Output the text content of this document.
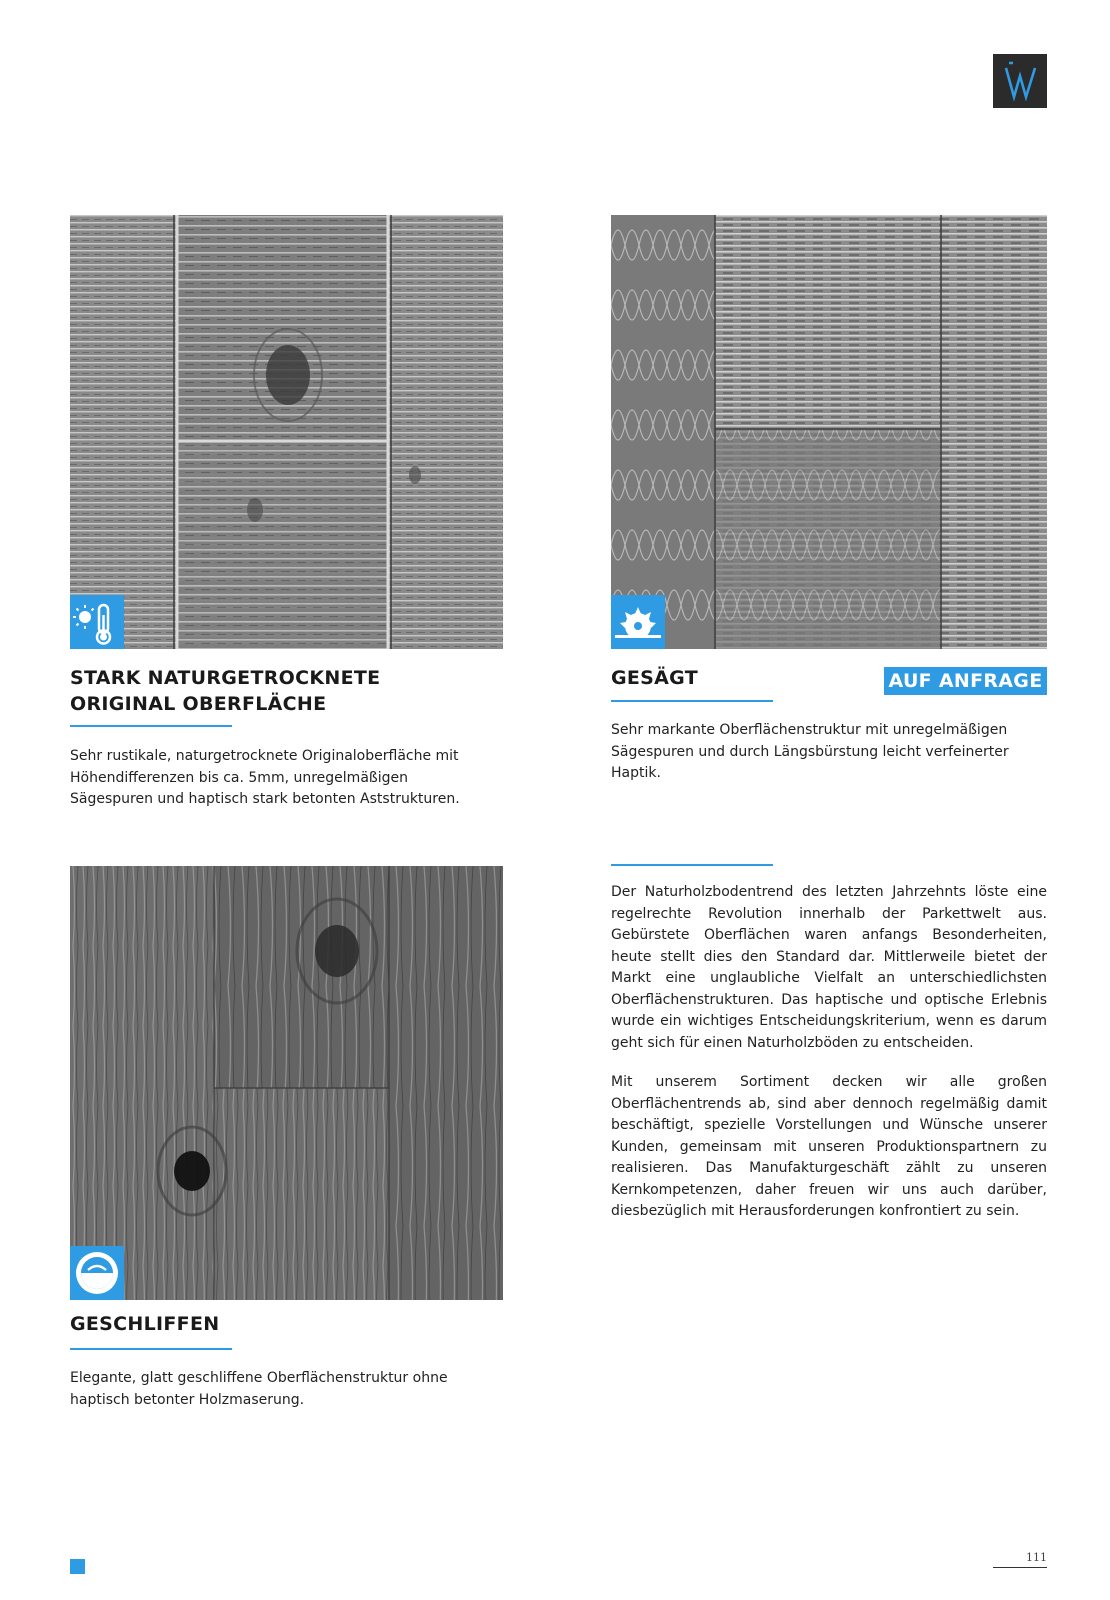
STARK NATURGETROCKNETE
ORIGINAL OBERFLÄCHE
Sehr rustikale, naturgetrocknete Originaloberfläche mit
Höhendifferenzen bis ca. 5mm, unregelmäßigen
Sägespuren und haptisch stark betonten Aststrukturen.
GESÄGT	AUF ANFRAGE
Sehr markante Oberflächenstruktur mit unregelmäßigen
Sägespuren und durch Längsbürstung leicht verfeinerter
Haptik.
Der Naturholzbodentrend des letzten Jahrzehnts löste eine regelrechte Revolution innerhalb der Parkettwelt aus. Gebürstete Oberflächen waren anfangs Besonderheiten, heute stellt dies den Standard dar. Mittlerweile bietet der Markt eine unglaubliche Vielfalt an unterschiedlichsten Oberflächenstrukturen. Das haptische und optische Erlebnis wurde ein wichtiges Entscheidungskriterium, wenn es darum geht sich für einen Naturholzböden zu entscheiden.
Mit unserem Sortiment decken wir alle großen Oberflächentrends ab, sind aber dennoch regelmäßig damit beschäftigt, spezielle Vorstellungen und Wünsche unserer Kunden, gemeinsam mit unseren Produktionspartnern zu realisieren. Das Manufakturgeschäft zählt zu unseren Kernkompetenzen, daher freuen wir uns auch darüber, diesbezüglich mit Herausforderungen konfrontiert zu sein.
GESCHLIFFEN
Elegante, glatt geschliffene Oberflächenstruktur ohne
haptisch betonter Holzmaserung.
111
